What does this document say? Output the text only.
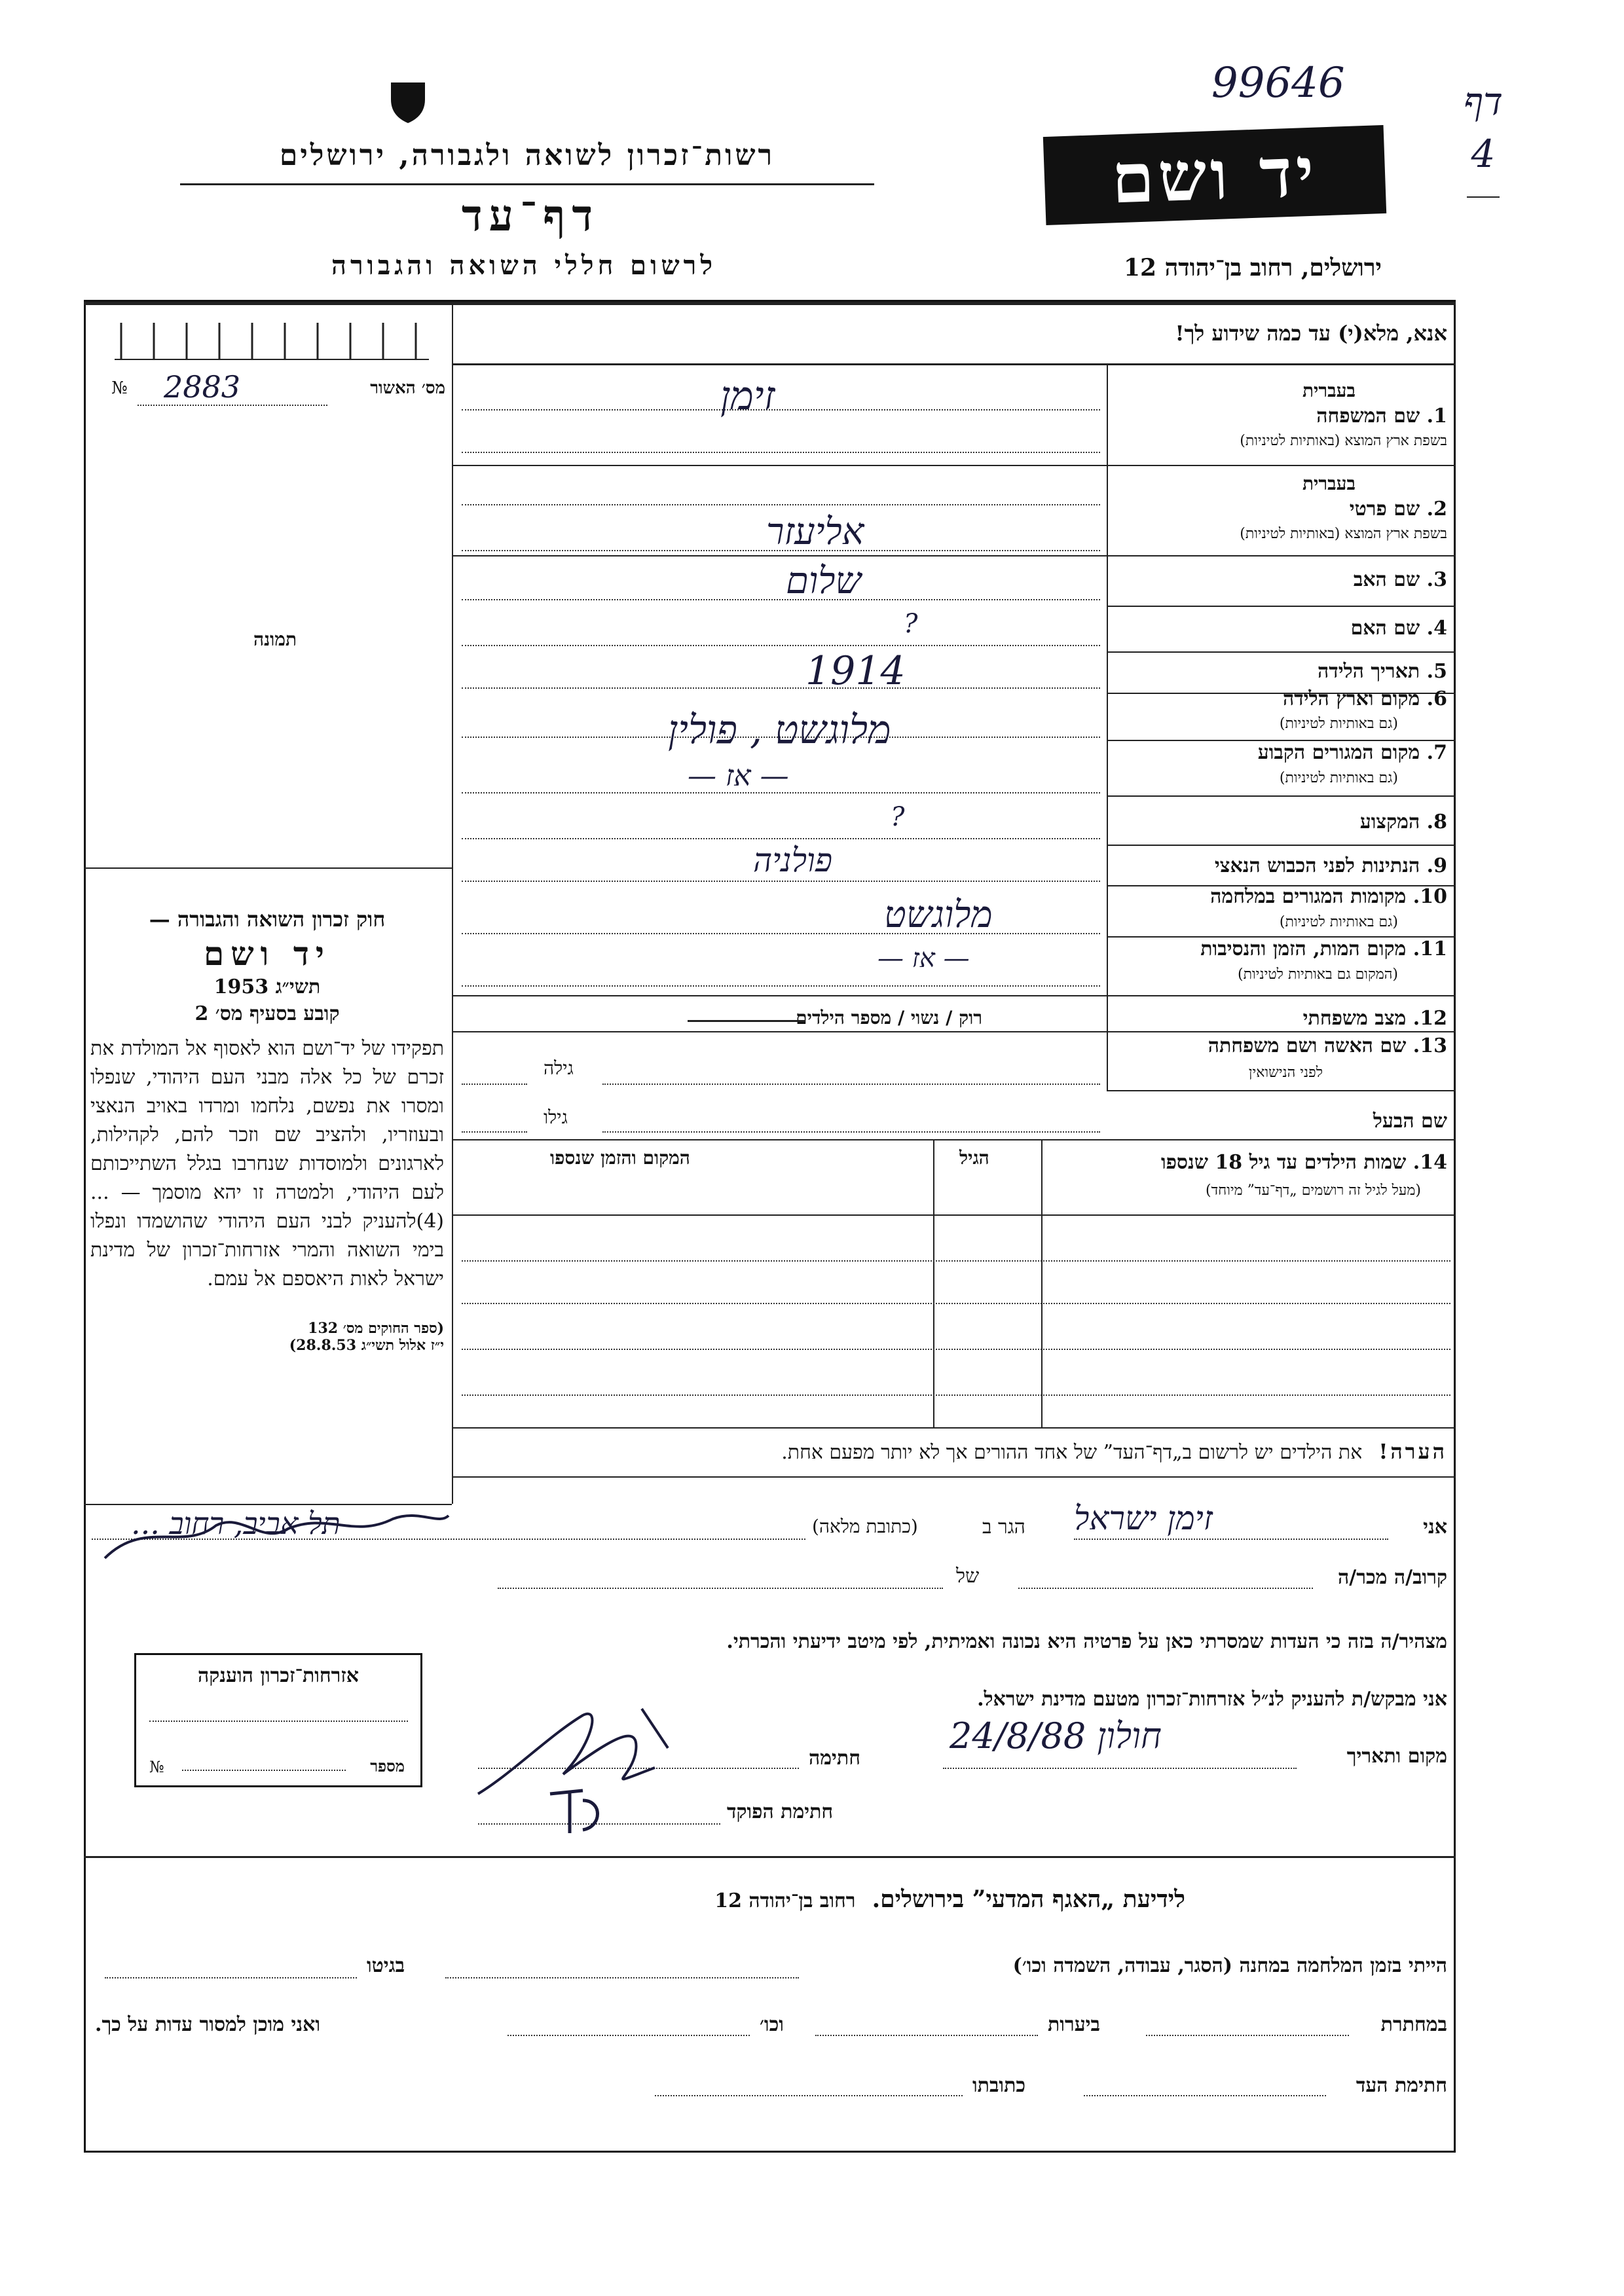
99646	דף
4
רשות־זכרון לשואה ולגבורה, ירושלים
דף־עד
לרשום חללי השואה והגבורה
יד ושם
ירושלים, רחוב בן־יהודה 12
מס׳ האשור
2883
№
תמונה
חוק זכרון השואה והגבורה —
יד ושם
תשי״ג 1953
קובע בסעיף מס׳ 2
תפקידו של יד־ושם הוא לאסוף אל המולדת את זכרם של כל אלה מבני העם היהודי, שנפלו ומסרו את נפשם, נלחמו ומרדו באויב הנאצי ובעוזריו, ולהציב שם וזכר להם, לקהילות, לארגונים ולמוסדות שנחרבו בגלל השתייכותם לעם היהודי, ולמטרה זו יהא מוסמך — ...(4)להעניק לבני העם היהודי שהושמדו ונפלו בימי השואה והמרי אזרחות־זכרון של מדינת ישראל לאות היאספם אל עמם.
(ספר החוקים מס׳ 132
י״ז אלול תשי״ג 28.8.53)
אנא, מלא(י) עד כמה שידוע לך!
בעברית
1. שם המשפחה
בשפת ארץ המוצא (באותיות לטיניות)
זימן
בעברית
2. שם פרטי
בשפת ארץ המוצא (באותיות לטיניות)
אליעזר
3. שם האב
שלום
4. שם האם
?
5. תאריך הלידה
1914
6. מקום וארץ הלידה
(גם באותיות לטיניות)
מלוגשט , פולין	7. מקום המגורים הקבוע
(גם באותיות לטיניות)
— אז —
8. המקצוע
?
9. הנתינות לפני הכבוש הנאצי
פולניה
10. מקומות המגורים במלחמה
(גם באותיות לטיניות)
מלוגשט
11. מקום המות, הזמן והנסיבות
(המקום גם באותיות לטיניות)
— אז —
12. מצב משפחתי
רוק / נשוי / מספר הילדים
13. שם האשה ושם משפחתה
לפני הנישואין
גילה
שם הבעל
גילו
14. שמות הילדים עד גיל 18 שנספו
(מעל לגיל זה רושמים „דף־עד” מיוחד)
הגיל
המקום והזמן שנספו
הערה! את הילדים יש לרשום ב„דף־העד” של אחד ההורים אך לא יותר מפעם אחת.
אני
זימן ישראל
הגר ב
(כתובת מלאה)
תל אביב, רחוב ...
קרוב/ה מכר/ה
של
מצהיר/ה בזה כי העדות שמסרתי כאן על פרטיה היא נכונה ואמיתית, לפי מיטב ידיעתי והכרתי.
אני מבקש/ת להעניק לנ״ל אזרחות־זכרון מטעם מדינת ישראל.
מקום ותאריך
חולון 24/8/88
חתימה
חתימת הפוקד
אזרחות־זכרון הוענקה
מספר
№
לידיעת „האגף המדעי” בירושלים. רחוב בן־יהודה 12
הייתי בזמן המלחמה במחנה (הסגר, עבודה, השמדה וכו׳)
בגיטו
במחתרת
ביערות
וכו׳
ואני מוכן למסור עדות על כך.
חתימת העד
כתובתו
